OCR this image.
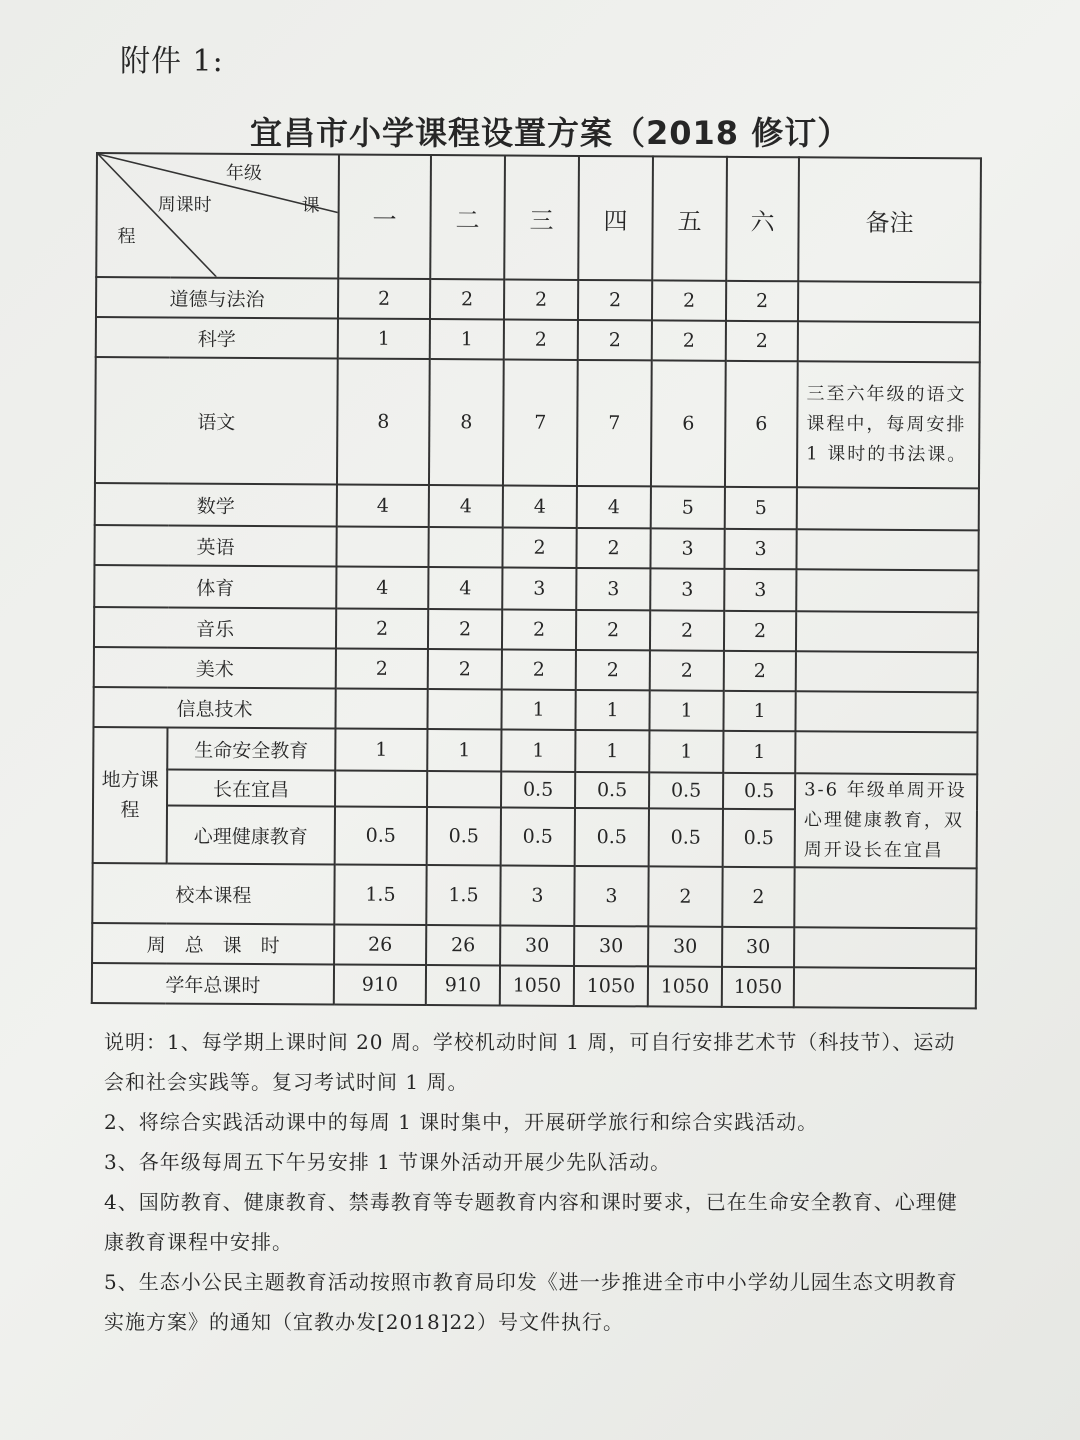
附件 1:
宜昌市小学课程设置方案（2018 修订）
年级
周课时 课
程		一	二	三	四	五	六	备注
道德与法治		2	2	2	2	2	2	
科学		1	1	2	2	2	2	
语文		8	8	7	7	6	6	三至六年级的语文课程中，每周安排 1 课时的书法课。
数学		4	4	4	4	5	5	
英语				2	2	3	3	
体育		4	4	3	3	3	3	
音乐		2	2	2	2	2	2	
美术		2	2	2	2	2	2	
信息技术				1	1	1	1	
地方课程	生命安全教育	1	1	1	1	1	1	
	长在宜昌			0.5	0.5	0.5	0.5	3-6 年级单周开设心理健康教育，双周开设长在宜昌
	心理健康教育	0.5	0.5	0.5	0.5	0.5	0.5	
校本课程		1.5	1.5	3	3	2	2	
周　总　课　时		26	26	30	30	30	30	
学年总课时		910	910	1050	1050	1050	1050	

说明：1、每学期上课时间 20 周。学校机动时间 1 周，可自行安排艺术节（科技节）、运动会和社会实践等。复习考试时间 1 周。

2、将综合实践活动课中的每周 1 课时集中，开展研学旅行和综合实践活动。

3、各年级每周五下午另安排 1 节课外活动开展少先队活动。

4、国防教育、健康教育、禁毒教育等专题教育内容和课时要求，已在生命安全教育、心理健康教育课程中安排。

5、生态小公民主题教育活动按照市教育局印发《进一步推进全市中小学幼儿园生态文明教育实施方案》的通知（宜教办发[2018]22）号文件执行。
